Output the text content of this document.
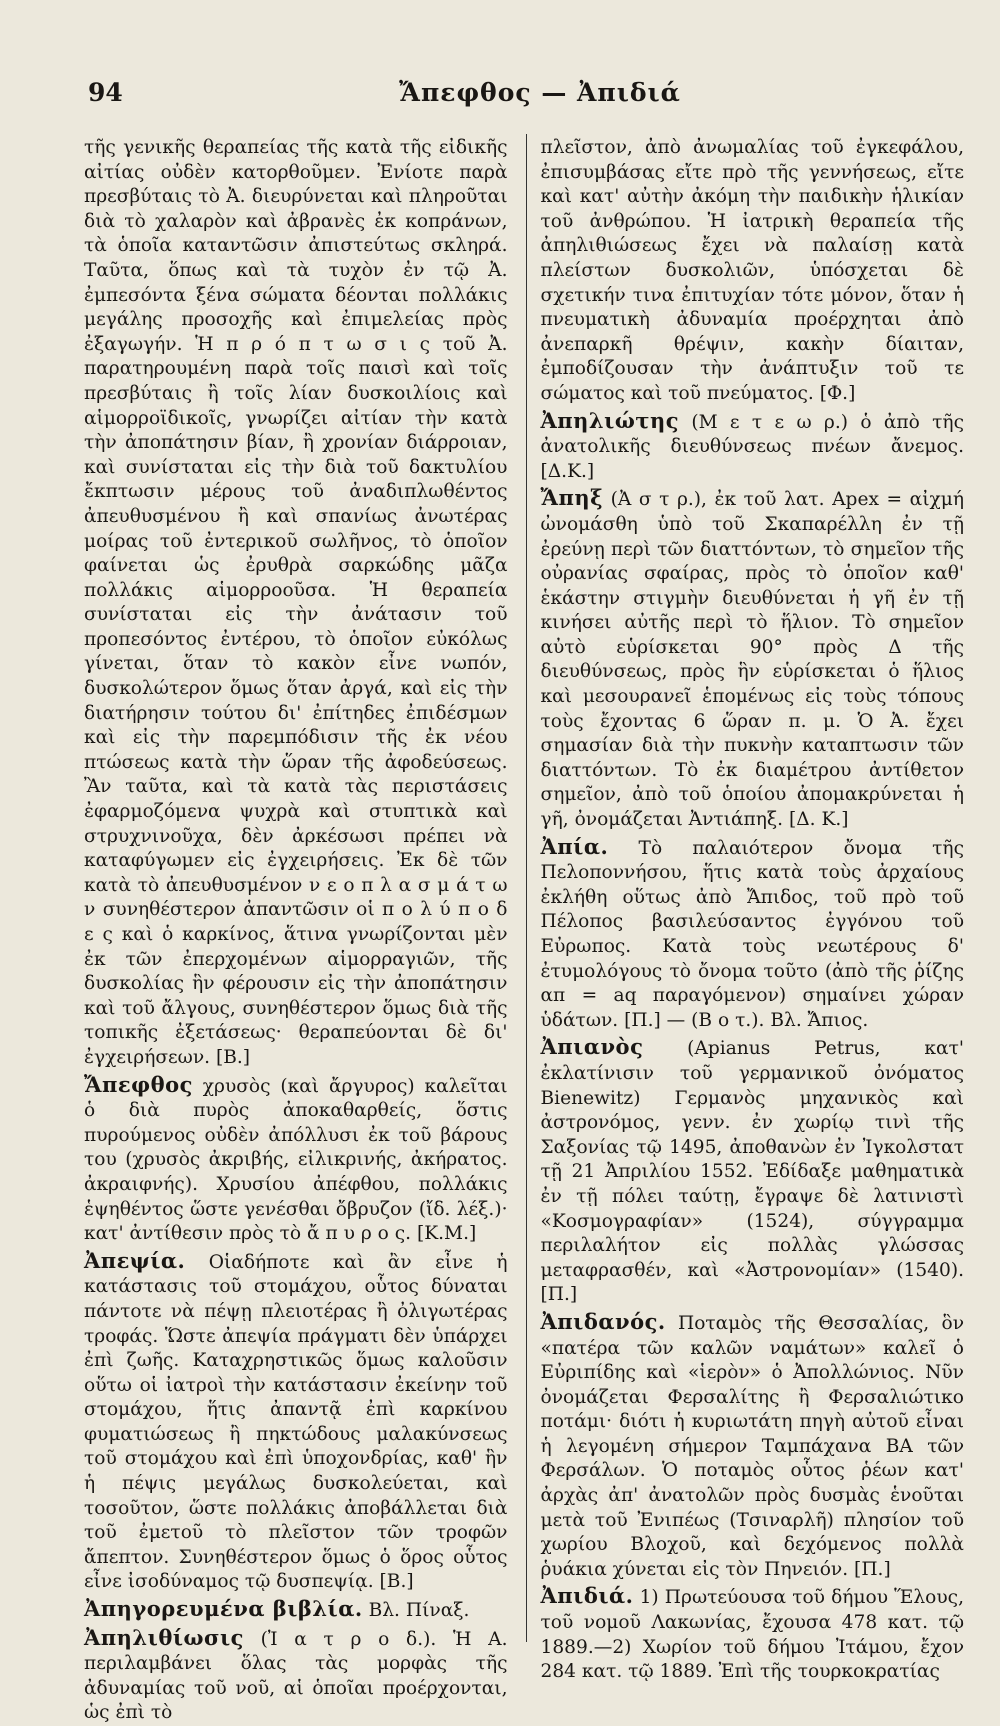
94	Ἄπεφθος — Ἀπιδιά

τῆς γενικῆς θεραπείας τῆς κατὰ τῆς εἰδικῆς αἰτίας οὐδὲν κατορθοῦμεν. Ἐνίοτε παρὰ πρεσβύταις τὸ Ἀ. διευρύνεται καὶ πληροῦται διὰ τὸ χαλαρὸν καὶ ἀβρανὲς ἐκ κοπράνων, τὰ ὁποῖα καταντῶσιν ἀπιστεύτως σκληρά. Ταῦτα, ὅπως καὶ τὰ τυχὸν ἐν τῷ Ἀ. ἐμπεσόντα ξένα σώματα δέονται πολλάκις μεγάλης προσοχῆς καὶ ἐπιμελείας πρὸς ἐξαγωγήν. Ἡ π ρ ό π τ ω σ ι ς τοῦ Ἀ. παρατηρουμένη παρὰ τοῖς παισὶ καὶ τοῖς πρεσβύταις ἢ τοῖς λίαν δυσκοιλίοις καὶ αἱμορροϊδικοῖς, γνωρίζει αἰτίαν τὴν κατὰ τὴν ἀποπάτησιν βίαν, ἢ χρονίαν διάρροιαν, καὶ συνίσταται εἰς τὴν διὰ τοῦ δακτυλίου ἔκπτωσιν μέρους τοῦ ἀναδιπλωθέντος ἀπευθυσμένου ἢ καὶ σπανίως ἀνωτέρας μοίρας τοῦ ἐντερικοῦ σωλῆνος, τὸ ὁποῖον φαίνεται ὡς ἐρυθρὰ σαρκώδης μᾶζα πολλάκις αἱμορροοῦσα. Ἡ θεραπεία συνίσταται εἰς τὴν ἀνάτασιν τοῦ προπεσόντος ἐντέρου, τὸ ὁποῖον εὐκόλως γίνεται, ὅταν τὸ κακὸν εἶνε νωπόν, δυσκολώτερον ὅμως ὅταν ἀργά, καὶ εἰς τὴν διατήρησιν τούτου δι' ἐπίτηδες ἐπιδέσμων καὶ εἰς τὴν παρεμπόδισιν τῆς ἐκ νέου πτώσεως κατὰ τὴν ὥραν τῆς ἀφοδεύσεως. Ἂν ταῦτα, καὶ τὰ κατὰ τὰς περιστάσεις ἐφαρμοζόμενα ψυχρὰ καὶ στυπτικὰ καὶ στρυχνινοῦχα, δὲν ἀρκέσωσι πρέπει νὰ καταφύγωμεν εἰς ἐγχειρήσεις. Ἐκ δὲ τῶν κατὰ τὸ ἀπευθυσμένον ν ε ο π λ α σ μ ά τ ω ν συνηθέστερον ἀπαντῶσιν οἱ π ο λ ύ π ο δ ε ς καὶ ὁ καρκίνος, ἅτινα γνωρίζονται μὲν ἐκ τῶν ἐπερχομένων αἱμορραγιῶν, τῆς δυσκολίας ἣν φέρουσιν εἰς τὴν ἀποπάτησιν καὶ τοῦ ἄλγους, συνηθέστερον ὅμως διὰ τῆς τοπικῆς ἐξετάσεως· θεραπεύονται δὲ δι' ἐγχειρήσεων. [Β.]

Ἄπεφθος χρυσὸς (καὶ ἄργυρος) καλεῖται ὁ διὰ πυρὸς ἀποκαθαρθείς, ὅστις πυρούμενος οὐδὲν ἀπόλλυσι ἐκ τοῦ βάρους του (χρυσὸς ἀκριβής, εἰλικρινής, ἀκήρατος. ἀκραιφνής). Χρυσίου ἀπέφθου, πολλάκις ἑψηθέντος ὥστε γενέσθαι ὄβρυζον (ἴδ. λέξ.)· κατ' ἀντίθεσιν πρὸς τὸ ἄ π υ ρ ο ς. [Κ.Μ.]

Ἀπεψία. Οἱαδήποτε καὶ ἂν εἶνε ἡ κατάστασις τοῦ στομάχου, οὗτος δύναται πάντοτε νὰ πέψῃ πλειοτέρας ἢ ὀλιγωτέρας τροφάς. Ὥστε ἀπεψία πράγματι δὲν ὑπάρχει ἐπὶ ζωῆς. Καταχρηστικῶς ὅμως καλοῦσιν οὕτω οἱ ἰατροὶ τὴν κατάστασιν ἐκείνην τοῦ στομάχου, ἥτις ἀπαντᾷ ἐπὶ καρκίνου φυματιώσεως ἢ πηκτώδους μαλακύνσεως τοῦ στομάχου καὶ ἐπὶ ὑποχονδρίας, καθ' ἣν ἡ πέψις μεγάλως δυσκολεύεται, καὶ τοσοῦτον, ὥστε πολλάκις ἀποβάλλεται διὰ τοῦ ἐμετοῦ τὸ πλεῖστον τῶν τροφῶν ἄπεπτον. Συνηθέστερον ὅμως ὁ ὅρος οὗτος εἶνε ἰσοδύναμος τῷ δυσπεψίᾳ. [Β.]

Ἀπηγορευμένα βιβλία. Βλ. Πίναξ.

Ἀπηλιθίωσις (Ἰ α τ ρ ο δ.). Ἡ Α. περιλαμβάνει ὅλας τὰς μορφὰς τῆς ἀδυναμίας τοῦ νοῦ, αἱ ὁποῖαι προέρχονται, ὡς ἐπὶ τὸ

πλεῖστον, ἀπὸ ἀνωμαλίας τοῦ ἐγκεφάλου, ἐπισυμβάσας εἴτε πρὸ τῆς γεννήσεως, εἴτε καὶ κατ' αὐτὴν ἀκόμη τὴν παιδικὴν ἡλικίαν τοῦ ἀνθρώπου. Ἡ ἰατρικὴ θεραπεία τῆς ἀπηλιθιώσεως ἔχει νὰ παλαίσῃ κατὰ πλείστων δυσκολιῶν, ὑπόσχεται δὲ σχετικήν τινα ἐπιτυχίαν τότε μόνον, ὅταν ἡ πνευματικὴ ἀδυναμία προέρχηται ἀπὸ ἀνεπαρκῆ θρέψιν, κακὴν δίαιταν, ἐμποδίζουσαν τὴν ἀνάπτυξιν τοῦ τε σώματος καὶ τοῦ πνεύματος. [Φ.]

Ἀπηλιώτης (Μ ε τ ε ω ρ.) ὁ ἀπὸ τῆς ἀνατολικῆς διευθύνσεως πνέων ἄνεμος. [Δ.Κ.]

Ἄπηξ (Ἀ σ τ ρ.), ἐκ τοῦ λατ. Apex = αἰχμή ὠνομάσθη ὑπὸ τοῦ Σκαπαρέλλη ἐν τῇ ἐρεύνῃ περὶ τῶν διαττόντων, τὸ σημεῖον τῆς οὐρανίας σφαίρας, πρὸς τὸ ὁποῖον καθ' ἑκάστην στιγμὴν διευθύνεται ἡ γῆ ἐν τῇ κινήσει αὐτῆς περὶ τὸ ἥλιον. Τὸ σημεῖον αὐτὸ εὑρίσκεται 90° πρὸς Δ τῆς διευθύνσεως, πρὸς ἣν εὑρίσκεται ὁ ἥλιος καὶ μεσουρανεῖ ἑπομένως εἰς τοὺς τόπους τοὺς ἔχοντας 6 ὥραν π. μ. Ὁ Ἀ. ἔχει σημασίαν διὰ τὴν πυκνὴν καταπτωσιν τῶν διαττόντων. Τὸ ἐκ διαμέτρου ἀντίθετον σημεῖον, ἀπὸ τοῦ ὁποίου ἀπομακρύνεται ἡ γῆ, ὀνομάζεται Ἀντιάπηξ. [Δ. Κ.]

Ἀπία. Τὸ παλαιότερον ὄνομα τῆς Πελοποννήσου, ἥτις κατὰ τοὺς ἀρχαίους ἐκλήθη οὕτως ἀπὸ Ἄπιδος, τοῦ πρὸ τοῦ Πέλοπος βασιλεύσαντος ἐγγόνου τοῦ Εὐρωπος. Κατὰ τοὺς νεωτέρους δ' ἐτυμολόγους τὸ ὄνομα τοῦτο (ἀπὸ τῆς ῥίζης απ = aq παραγόμενον) σημαίνει χώραν ὑδάτων. [Π.] — (Β ο τ.). Βλ. Ἄπιος.

Ἀπιανὸς (Apianus Petrus, κατ' ἐκλατίνισιν τοῦ γερμανικοῦ ὀνόματος Bienewitz) Γερμανὸς μηχανικὸς καὶ ἀστρονόμος, γενν. ἐν χωρίῳ τινὶ τῆς Σαξονίας τῷ 1495, ἀποθανὼν ἐν Ἰγκολστατ τῇ 21 Ἀπριλίου 1552. Ἐδίδαξε μαθηματικὰ ἐν τῇ πόλει ταύτῃ, ἔγραψε δὲ λατινιστὶ «Κοσμογραφίαν» (1524), σύγγραμμα περιλαλήτον εἰς πολλὰς γλώσσας μεταφρασθέν, καὶ «Ἀστρονομίαν» (1540). [Π.]

Ἀπιδανός. Ποταμὸς τῆς Θεσσαλίας, ὃν «πατέρα τῶν καλῶν ναμάτων» καλεῖ ὁ Εὐριπίδης καὶ «ἱερὸν» ὁ Ἀπολλώνιος. Νῦν ὀνομάζεται Φερσαλίτης ἢ Φερσαλιώτικο ποτάμι· διότι ἡ κυριωτάτη πηγὴ αὐτοῦ εἶναι ἡ λεγομένη σήμερον Ταμπάχανα ΒΑ τῶν Φερσάλων. Ὁ ποταμὸς οὗτος ῥέων κατ' ἀρχὰς ἀπ' ἀνατολῶν πρὸς δυσμὰς ἑνοῦται μετὰ τοῦ Ἐνιπέως (Τσιναρλῆ) πλησίον τοῦ χωρίου Βλοχοῦ, καὶ δεχόμενος πολλὰ ῥυάκια χύνεται εἰς τὸν Πηνειόν. [Π.]

Ἀπιδιά. 1) Πρωτεύουσα τοῦ δήμου Ἕλους, τοῦ νομοῦ Λακωνίας, ἔχουσα 478 κατ. τῷ 1889.—2) Χωρίον τοῦ δήμου Ἰτάμου, ἔχον 284 κατ. τῷ 1889. Ἐπὶ τῆς τουρκοκρατίας
